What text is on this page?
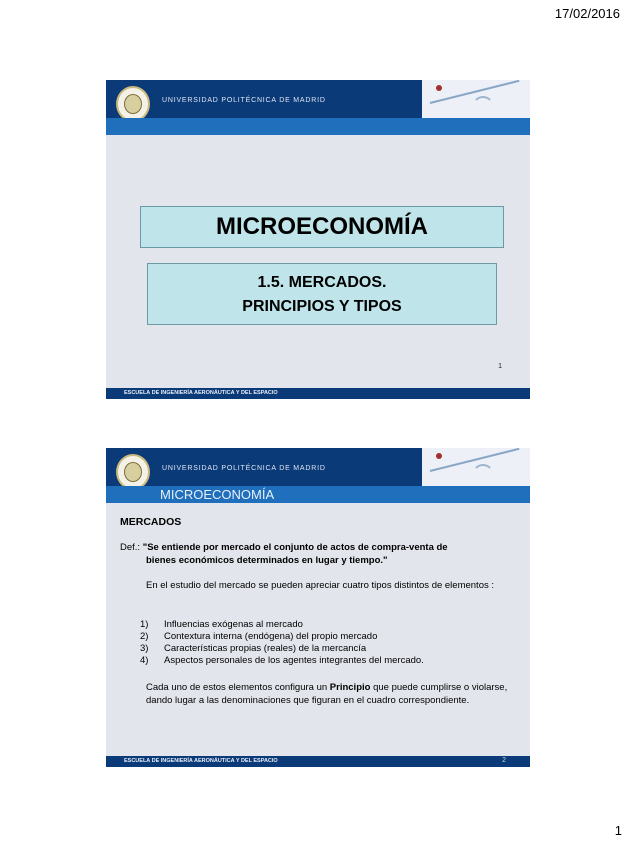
17/02/2016
UNIVERSIDAD POLITÉCNICA DE MADRID
MICROECONOMÍA
1.5. MERCADOS.
PRINCIPIOS Y TIPOS
1
ESCUELA DE INGENIERÍA AERONÁUTICA Y DEL ESPACIO
UNIVERSIDAD POLITÉCNICA DE MADRID
MICROECONOMÍA
MERCADOS
Def.: "Se entiende por mercado el conjunto de actos de compra-venta de
bienes económicos determinados en lugar y tiempo."
En el estudio del mercado se pueden apreciar cuatro tipos distintos de elementos :
1) Influencias exógenas al mercado
2) Contextura interna (endógena) del propio mercado
3) Características propias (reales) de la mercancía
4) Aspectos personales de los agentes integrantes del mercado.
Cada uno de estos elementos configura un Principio que puede cumplirse o violarse, dando lugar a las denominaciones que figuran en el cuadro correspondiente.
ESCUELA DE INGENIERÍA AERONÁUTICA Y DEL ESPACIO	2
1
